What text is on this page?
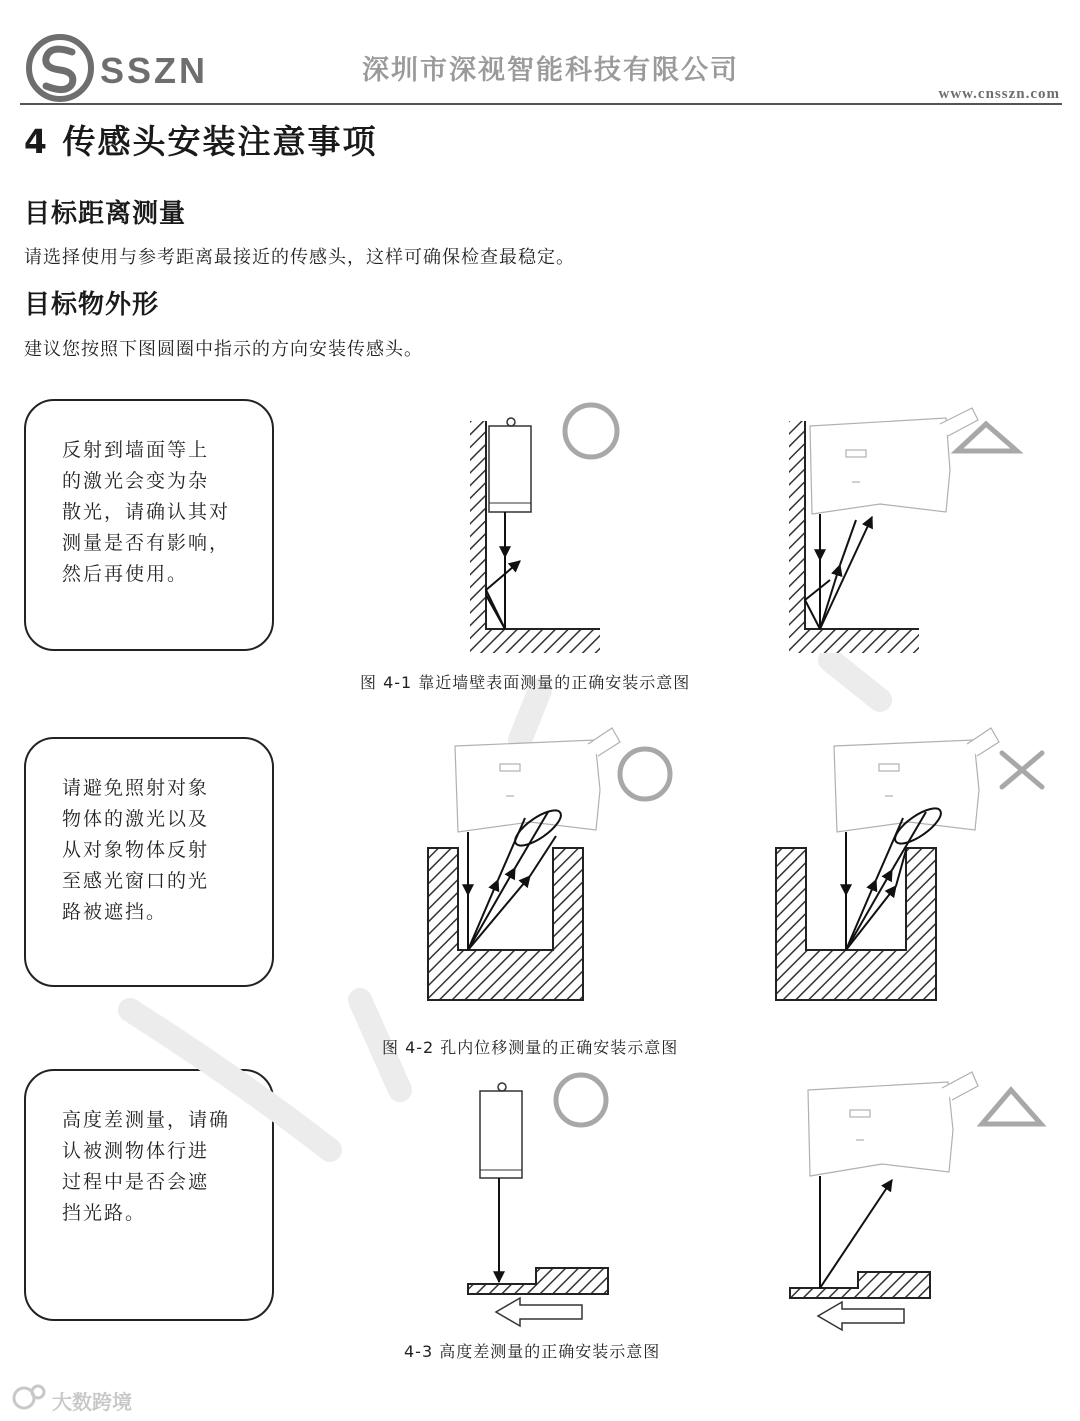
SSZN	深圳市深视智能科技有限公司
www.cnsszn.com
4 传感头安装注意事项
目标距离测量
请选择使用与参考距离最接近的传感头，这样可确保检查最稳定。
目标物外形
建议您按照下图圆圈中指示的方向安装传感头。
反射到墙面等上
的激光会变为杂
散光，请确认其对
测量是否有影响，
然后再使用。
请避免照射对象
物体的激光以及
从对象物体反射
至感光窗口的光
路被遮挡。
高度差测量，请确
认被测物体行进
过程中是否会遮
挡光路。
图 4-1 靠近墙壁表面测量的正确安装示意图
图 4-2 孔内位移测量的正确安装示意图
4-3 高度差测量的正确安装示意图
大数跨境
